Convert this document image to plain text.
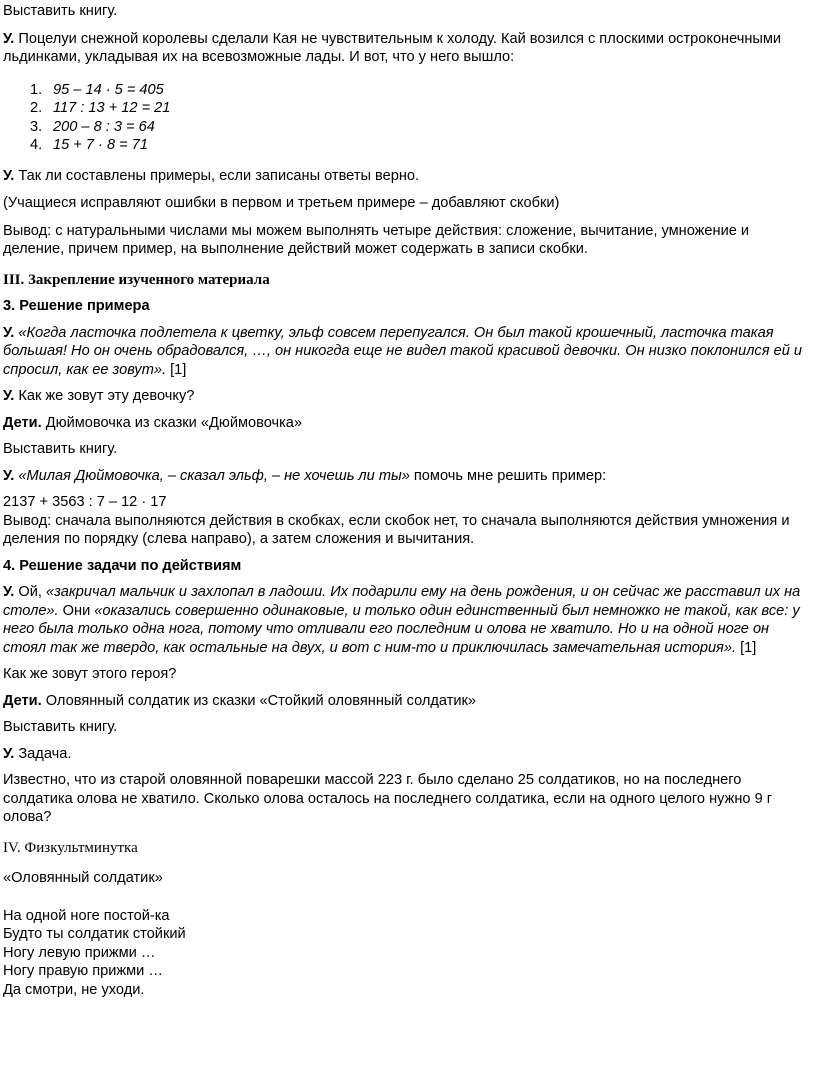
Выставить книгу.

У. Поцелуи снежной королевы сделали Кая не чувствительным к холоду. Кай возился с плоскими остроконечными льдинками, укладывая их на всевозможные лады. И вот, что у него вышло:

1. 95 – 14 · 5 = 405
2. 117 : 13 + 12 = 21
3. 200 – 8 : 3 = 64
4. 15 + 7 · 8 = 71

У. Так ли составлены примеры, если записаны ответы верно.

(Учащиеся исправляют ошибки в первом и третьем примере – добавляют скобки)

Вывод: с натуральными числами мы можем выполнять четыре действия: сложение, вычитание, умножение и деление, причем пример, на выполнение действий может содержать в записи скобки.

III. Закрепление изученного материала

3. Решение примера

У. «Когда ласточка подлетела к цветку, эльф совсем перепугался. Он был такой крошечный, ласточка такая большая! Но он очень обрадовался, …, он никогда еще не видел такой красивой девочки. Он низко поклонился ей и спросил, как ее зовут». [1]

У. Как же зовут эту девочку?

Дети. Дюймовочка из сказки «Дюймовочка»

Выставить книгу.

У. «Милая Дюймовочка, – сказал эльф, – не хочешь ли ты» помочь мне решить пример:

2137 + 3563 : 7 – 12 · 17

Вывод: сначала выполняются действия в скобках, если скобок нет, то сначала выполняются действия умножения и деления по порядку (слева направо), а затем сложения и вычитания.

4. Решение задачи по действиям

У. Ой, «закричал мальчик и захлопал в ладоши. Их подарили ему на день рождения, и он сейчас же расставил их на столе». Они «оказались совершенно одинаковые, и только один единственный был немножко не такой, как все: у него была только одна нога, потому что отливали его последним и олова не хватило. Но и на одной ноге он стоял так же твердо, как остальные на двух, и вот с ним-то и приключилась замечательная история». [1]

Как же зовут этого героя?

Дети. Оловянный солдатик из сказки «Стойкий оловянный солдатик»

Выставить книгу.

У. Задача.

Известно, что из старой оловянной поварешки массой 223 г. было сделано 25 солдатиков, но на последнего солдатика олова не хватило. Сколько олова осталось на последнего солдатика, если на одного целого нужно 9 г олова?

IV. Физкультминутка

«Оловянный солдатик»

На одной ноге постой-ка

Будто ты солдатик стойкий

Ногу левую прижми …

Ногу правую прижми …

Да смотри, не уходи.
